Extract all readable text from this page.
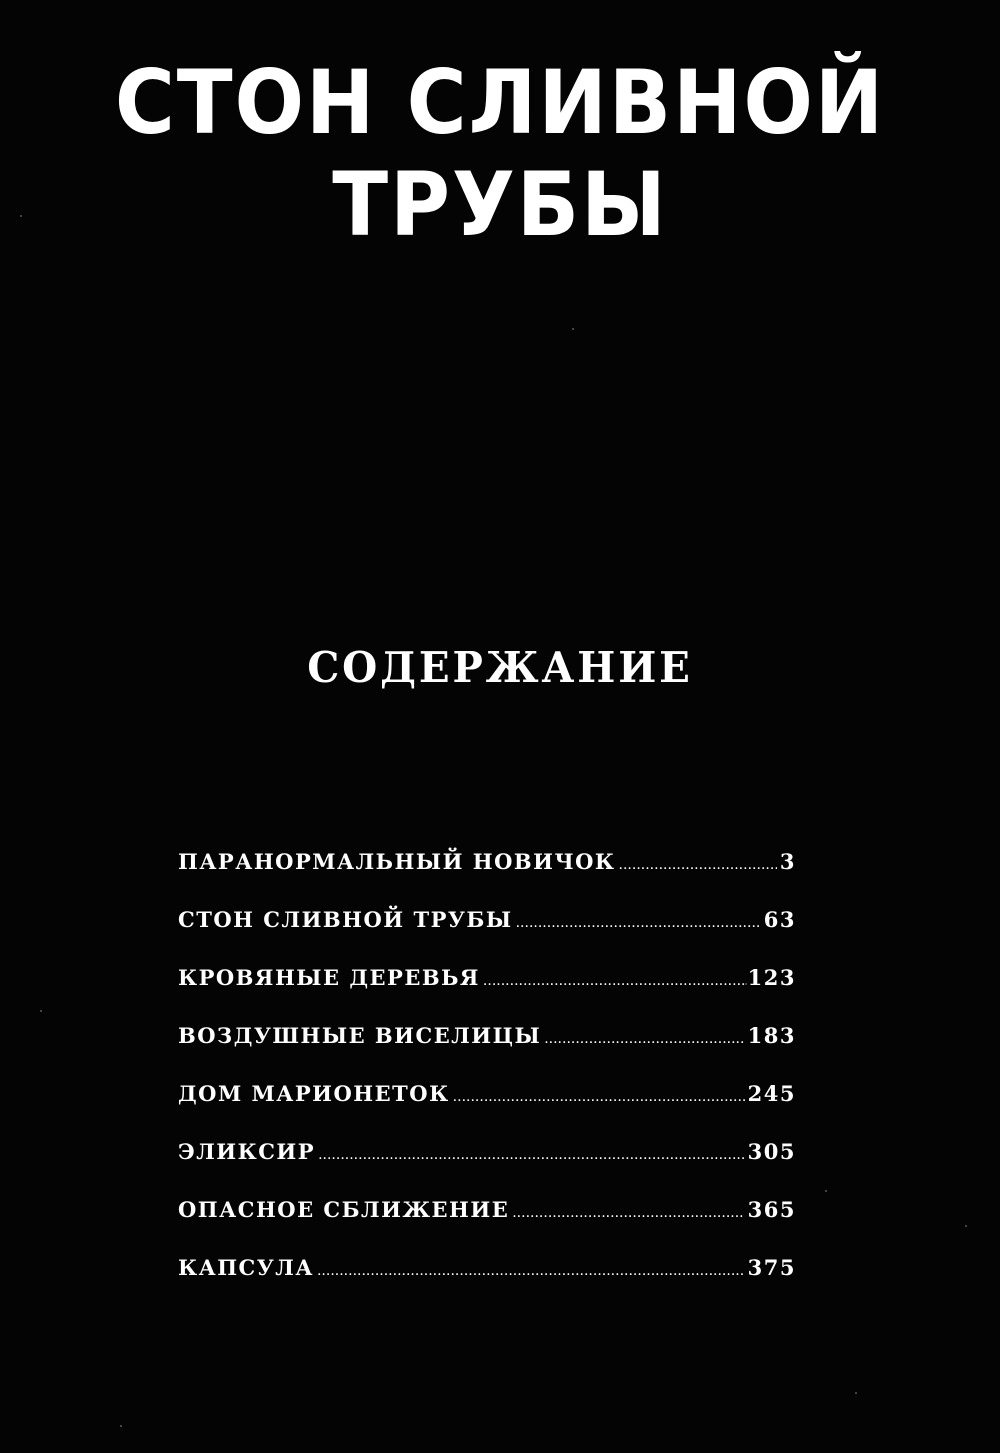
СТОН СЛИВНОЙ
ТРУБЫ
СОДЕРЖАНИЕ
ПАРАНОРМАЛЬНЫЙ НОВИЧОК .....	3
СТОН СЛИВНОЙ ТРУБЫ .....	63
КРОВЯНЫЕ ДЕРЕВЬЯ .....	123
ВОЗДУШНЫЕ ВИСЕЛИЦЫ .....	183
ДОМ МАРИОНЕТОК .....	245
ЭЛИКСИР .....	305
ОПАСНОЕ СБЛИЖЕНИЕ .....	365
КАПСУЛА .....	375
